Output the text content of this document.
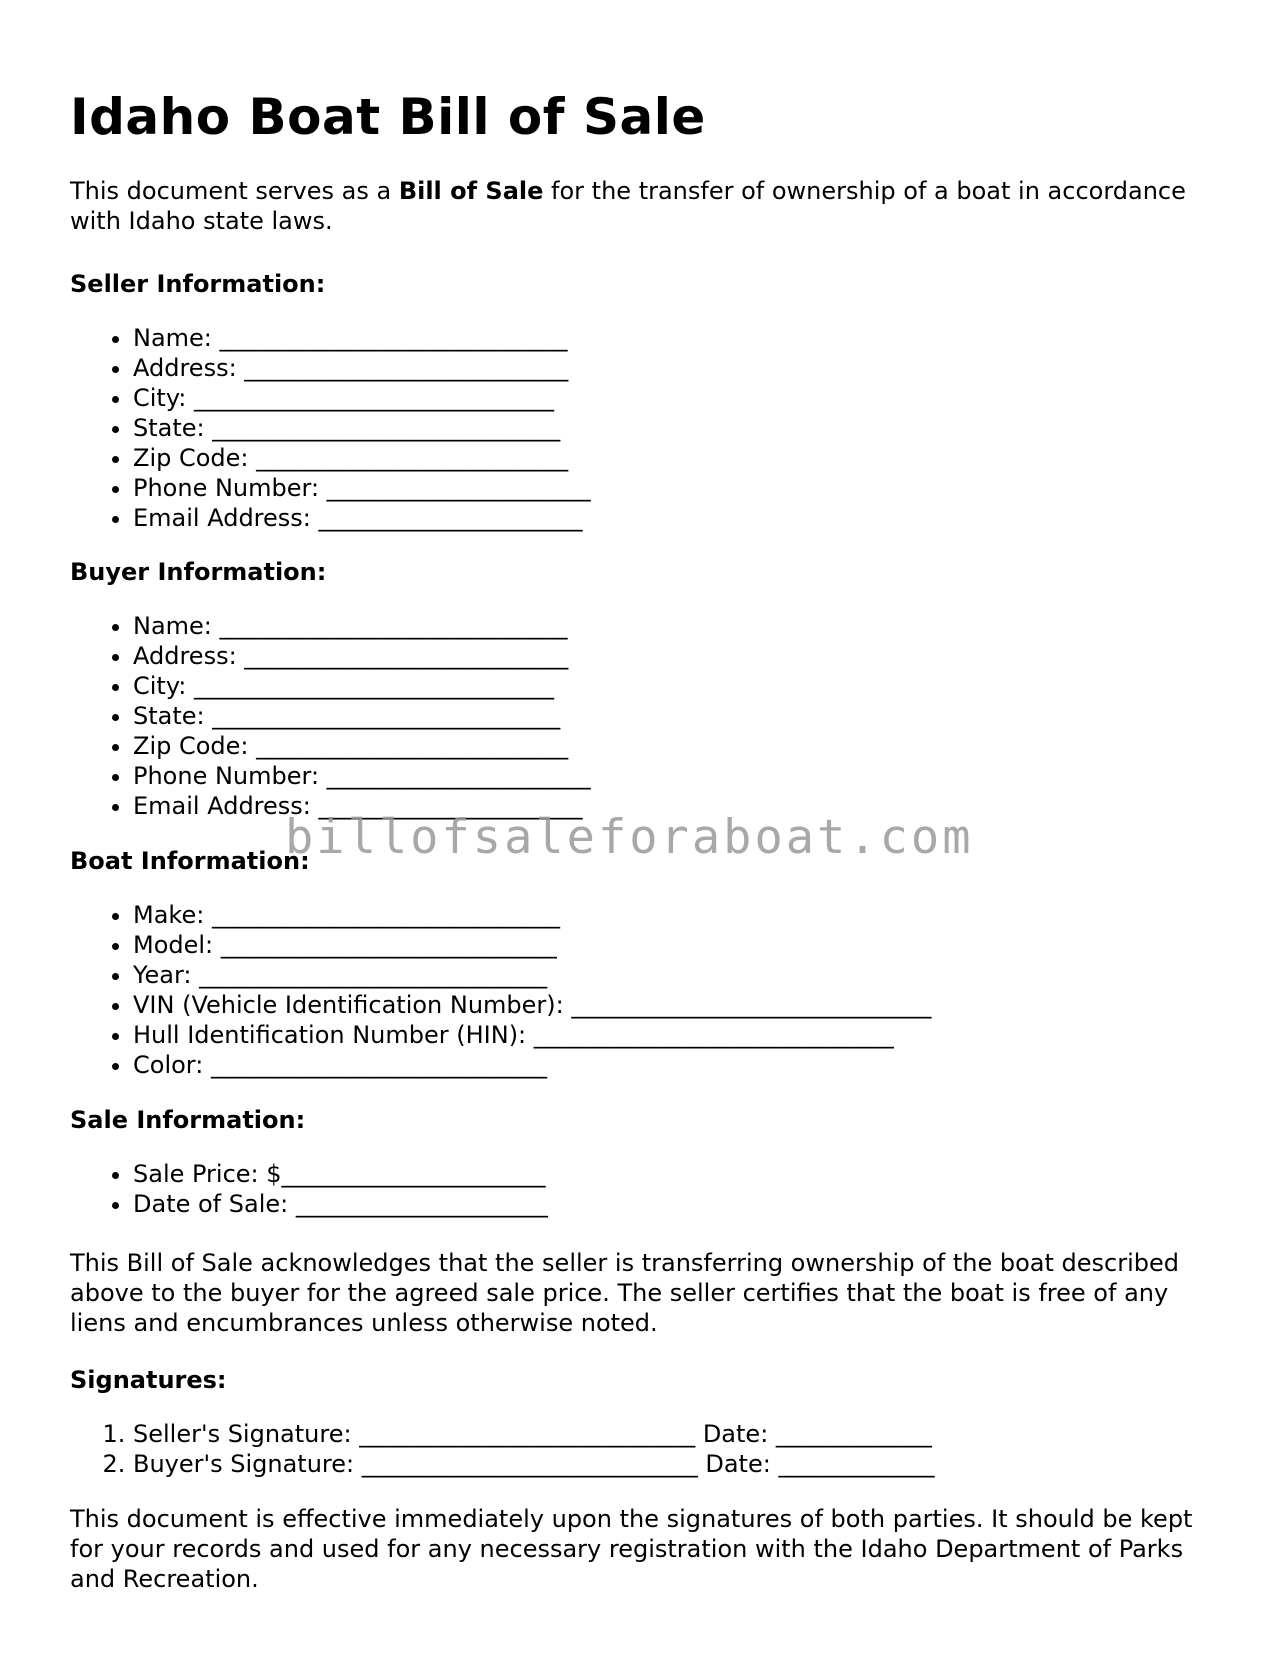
Idaho Boat Bill of Sale

This document serves as a Bill of Sale for the transfer of ownership of a boat in accordance with Idaho state laws.

Seller Information:

• Name: _____________________________
• Address: ___________________________
• City: ______________________________
• State: _____________________________
• Zip Code: __________________________
• Phone Number: ______________________
• Email Address: ______________________

Buyer Information:

• Name: _____________________________
• Address: ___________________________
• City: ______________________________
• State: _____________________________
• Zip Code: __________________________
• Phone Number: ______________________
• Email Address: ______________________

Boat Information:

• Make: _____________________________
• Model: ____________________________
• Year: _____________________________
• VIN (Vehicle Identification Number): ______________________________
• Hull Identification Number (HIN): ______________________________
• Color: ____________________________

Sale Information:

• Sale Price: $______________________
• Date of Sale: _____________________

This Bill of Sale acknowledges that the seller is transferring ownership of the boat described above to the buyer for the agreed sale price. The seller certifies that the boat is free of any liens and encumbrances unless otherwise noted.

Signatures:

1. Seller's Signature: ____________________________ Date: _____________
2. Buyer's Signature: ____________________________ Date: _____________

This document is effective immediately upon the signatures of both parties. It should be kept for your records and used for any necessary registration with the Idaho Department of Parks and Recreation.

billofsaleforaboat.com
